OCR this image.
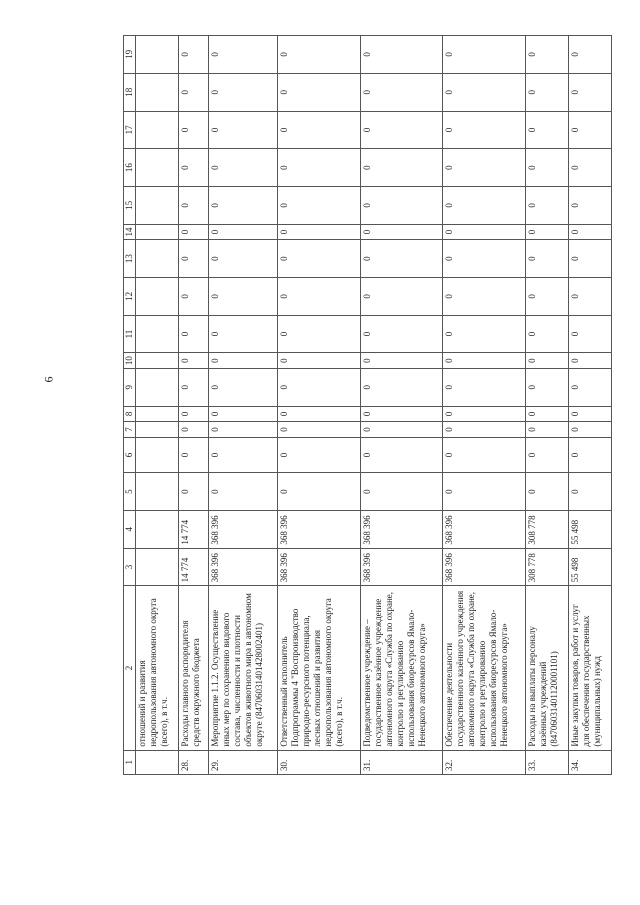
6
1	2	3	4	5	6	7	8	9	10	11	12	13	14	15	16	17	18	19
	отношений и развития недропользования автономного округа (всего), в т.ч.																	
28.	Расходы главного распорядителя средств окружного бюджета	14 774	14 774	0	0	0	0	0	0	0	0	0	0	0	0	0	0	0
29.	Мероприятие 1.1.2. Осуществление иных мер по сохранению видового состава, численности и плотности объектов животного мира в автономном округе (84706031401428002401)	368 396	368 396	0	0	0	0	0	0	0	0	0	0	0	0	0	0	0
30.	Ответственный исполнитель Подпрограммы 4 "Воспроизводство природно-ресурсного потенциала, лесных отношений и развития недропользования автономного округа (всего), в т.ч.	368 396	368 396	0	0	0	0	0	0	0	0	0	0	0	0	0	0	0
31.	Подведомственное учреждение – государственное казённое учреждение автономного округа «Служба по охране, контролю и регулированию использования биоресурсов Ямало-Ненецкого автономного округа»	368 396	368 396	0	0	0	0	0	0	0	0	0	0	0	0	0	0	0
32.	Обеспечение деятельности государственного казённого учреждения автономного округа «Служба по охране, контролю и регулированию использования биоресурсов Ямало-Ненецкого автономного округа»	368 396	368 396	0	0	0	0	0	0	0	0	0	0	0	0	0	0	0
33.	Расходы на выплаты персоналу казённых учреждений (84706031401120001101)	308 778	308 778	0	0	0	0	0	0	0	0	0	0	0	0	0	0	0
34.	Иные закупки товаров, работ и услуг для обеспечения государственных (муниципальных) нужд	55 498	55 498	0	0	0	0	0	0	0	0	0	0	0	0	0	0	0
